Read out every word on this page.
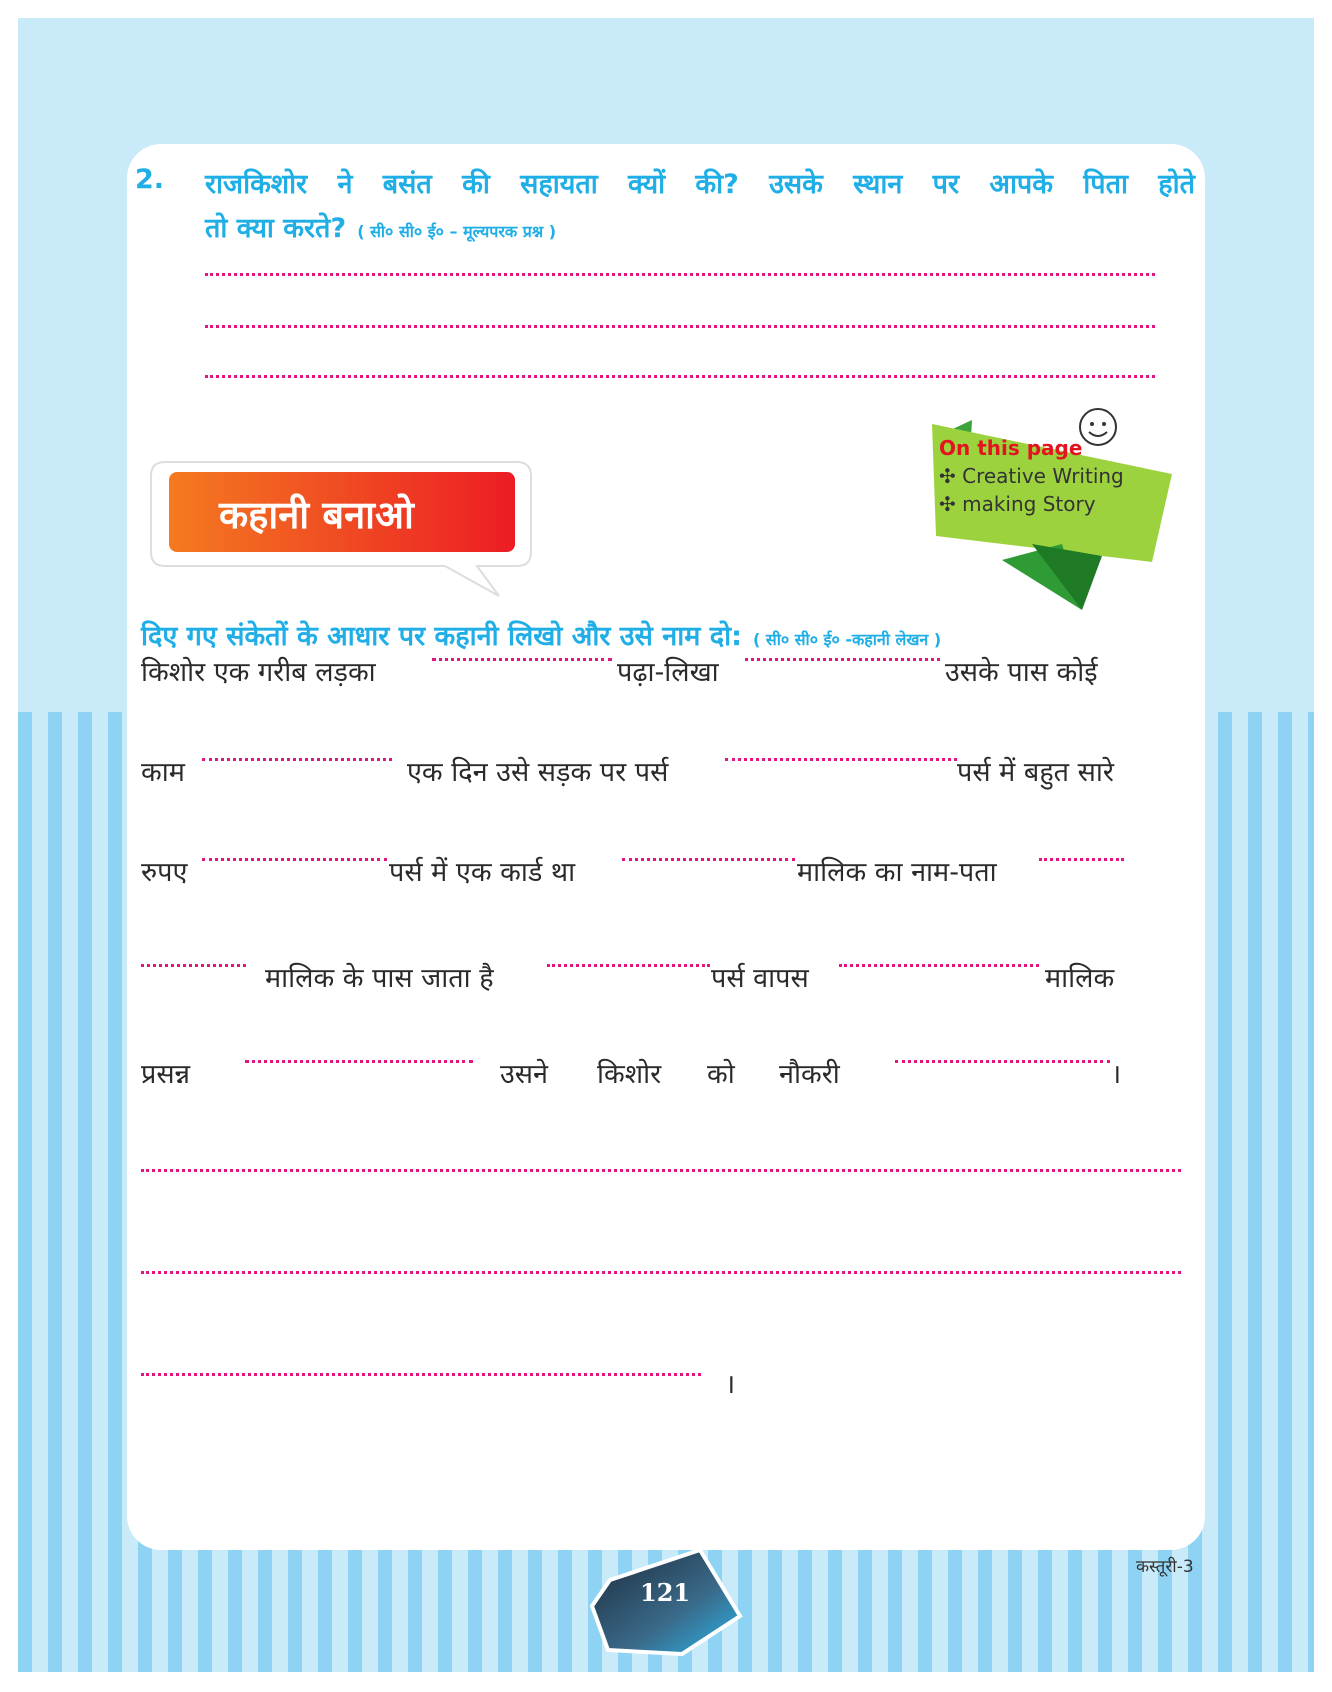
2. राजकिशोर ने बसंत की सहायता क्यों की? उसके स्थान पर आपके पिता होते
तो क्या करते? ( सी० सी० ई० – मूल्यपरक प्रश्न )
कहानी बनाओ
On this page
✣ Creative Writing
✣ making Story
दिए गए संकेतों के आधार पर कहानी लिखो और उसे नाम दो: ( सी० सी० ई० -कहानी लेखन )
किशोर एक गरीब लड़का	पढ़ा-लिखा	उसके पास कोई
काम	एक दिन उसे सड़क पर पर्स	पर्स में बहुत सारे
रुपए	पर्स में एक कार्ड था	मालिक का नाम-पता
मालिक के पास जाता है	पर्स वापस	मालिक
प्रसन्न	उसने किशोर को नौकरी	।
।
121
कस्तूरी-3
